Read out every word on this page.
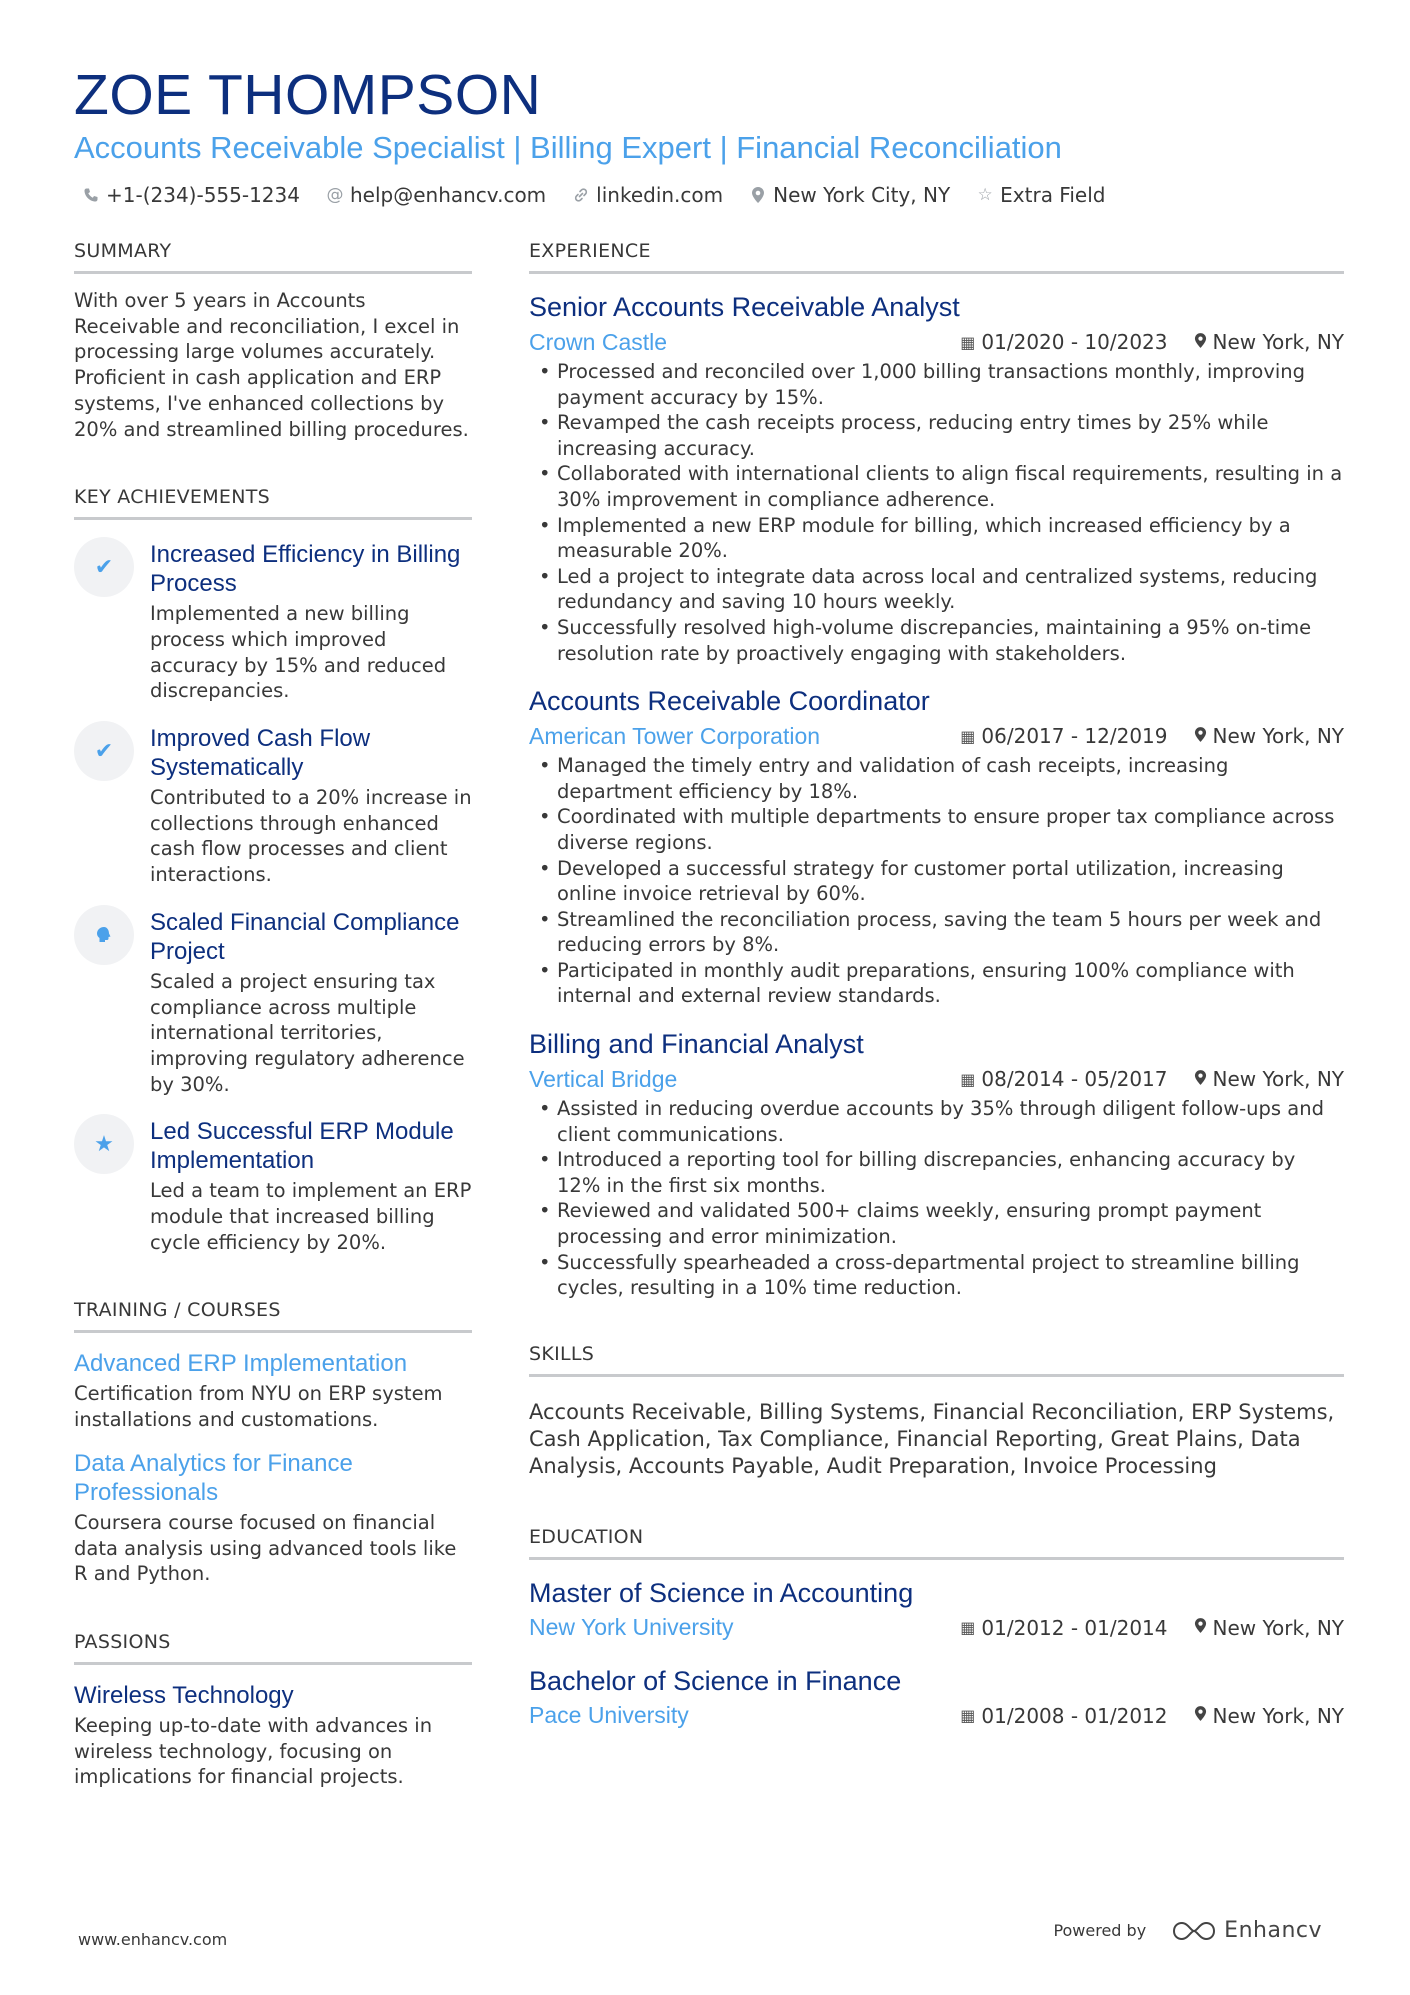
ZOE THOMPSON
Accounts Receivable Specialist | Billing Expert | Financial Reconciliation
+1-(234)-555-1234 @ help@enhancv.com	linkedin.com	New York City, NY ☆ Extra Field
SUMMARY
With over 5 years in Accounts Receivable and reconciliation, I excel in processing large volumes accurately. Proficient in cash application and ERP systems, I've enhanced collections by 20% and streamlined billing procedures.
KEY ACHIEVEMENTS
✔	Increased Efficiency in Billing Process
Implemented a new billing process which improved accuracy by 15% and reduced discrepancies.
✔	Improved Cash Flow Systematically
Contributed to a 20% increase in collections through enhanced cash flow processes and client interactions.
Scaled Financial Compliance Project
Scaled a project ensuring tax compliance across multiple international territories, improving regulatory adherence by 30%.
★	Led Successful ERP Module Implementation
Led a team to implement an ERP module that increased billing cycle efficiency by 20%.
TRAINING / COURSES
Advanced ERP Implementation
Certification from NYU on ERP system installations and customations.
Data Analytics for Finance Professionals
Coursera course focused on financial data analysis using advanced tools like R and Python.
PASSIONS
Wireless Technology
Keeping up-to-date with advances in wireless technology, focusing on implications for financial projects.
EXPERIENCE
Senior Accounts Receivable Analyst
Crown Castle	▦ 01/2020 - 10/2023 New York, NY
• Processed and reconciled over 1,000 billing transactions monthly, improving payment accuracy by 15%.
• Revamped the cash receipts process, reducing entry times by 25% while increasing accuracy.
• Collaborated with international clients to align fiscal requirements, resulting in a 30% improvement in compliance adherence.
• Implemented a new ERP module for billing, which increased efficiency by a measurable 20%.
• Led a project to integrate data across local and centralized systems, reducing redundancy and saving 10 hours weekly.
• Successfully resolved high-volume discrepancies, maintaining a 95% on-time resolution rate by proactively engaging with stakeholders.
Accounts Receivable Coordinator
American Tower Corporation	▦ 06/2017 - 12/2019 New York, NY
• Managed the timely entry and validation of cash receipts, increasing department efficiency by 18%.
• Coordinated with multiple departments to ensure proper tax compliance across diverse regions.
• Developed a successful strategy for customer portal utilization, increasing online invoice retrieval by 60%.
• Streamlined the reconciliation process, saving the team 5 hours per week and reducing errors by 8%.
• Participated in monthly audit preparations, ensuring 100% compliance with internal and external review standards.
Billing and Financial Analyst
Vertical Bridge	▦ 08/2014 - 05/2017 New York, NY
• Assisted in reducing overdue accounts by 35% through diligent follow-ups and client communications.
• Introduced a reporting tool for billing discrepancies, enhancing accuracy by 12% in the first six months.
• Reviewed and validated 500+ claims weekly, ensuring prompt payment processing and error minimization.
• Successfully spearheaded a cross-departmental project to streamline billing cycles, resulting in a 10% time reduction.
SKILLS
Accounts Receivable, Billing Systems, Financial Reconciliation, ERP Systems, Cash Application, Tax Compliance, Financial Reporting, Great Plains, Data Analysis, Accounts Payable, Audit Preparation, Invoice Processing
EDUCATION
Master of Science in Accounting
New York University	▦ 01/2012 - 01/2014 New York, NY
Bachelor of Science in Finance
Pace University	▦ 01/2008 - 01/2012 New York, NY
www.enhancv.com	Powered by	Enhancv
